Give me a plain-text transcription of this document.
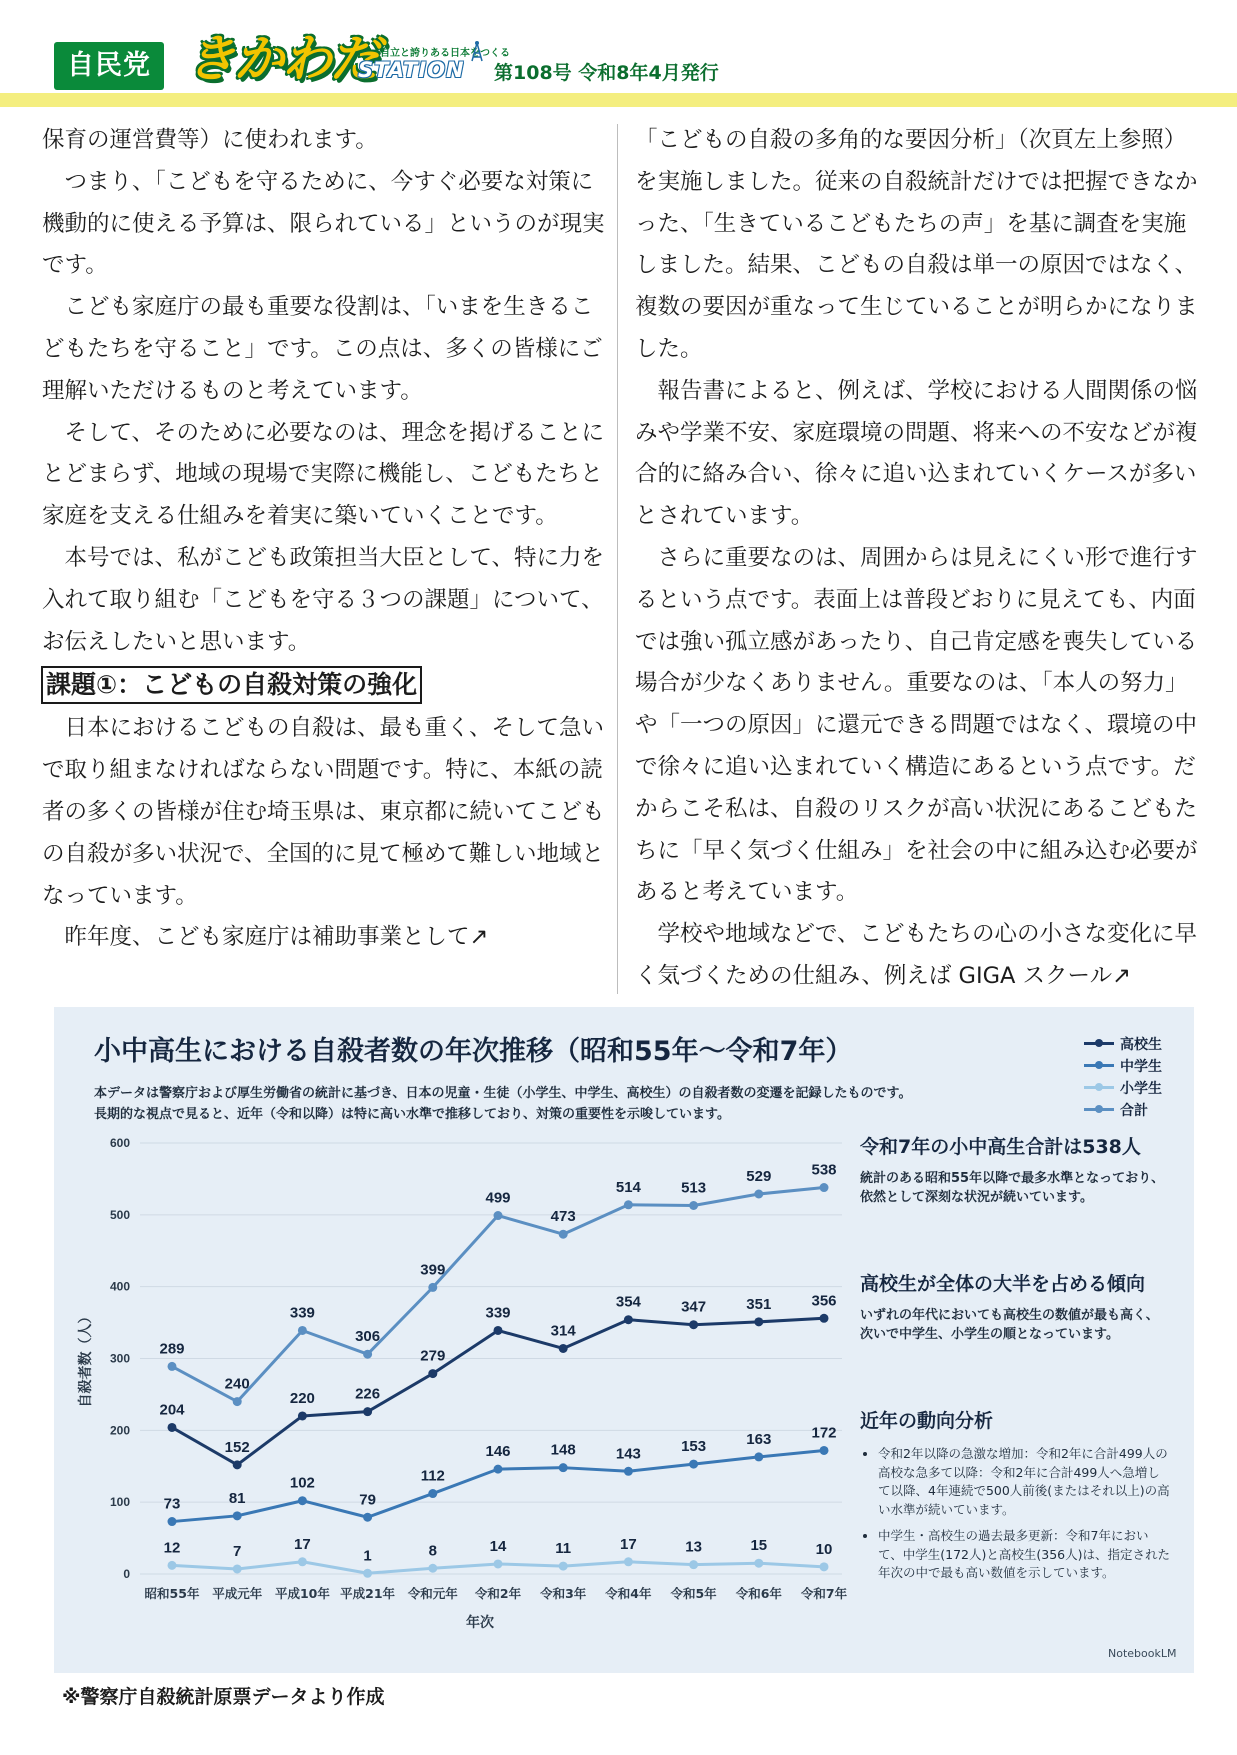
自民党 きかわだ 自立と誇りある日本をつくる
STATION 第108号 令和8年4月発行

保育の運営費等）に使われます。

　つまり、「こどもを守るために、今すぐ必要な対策に機動的に使える予算は、限られている」というのが現実です。

　こども家庭庁の最も重要な役割は、「いまを生きるこどもたちを守ること」です。この点は、多くの皆様にご理解いただけるものと考えています。

　そして、そのために必要なのは、理念を掲げることにとどまらず、地域の現場で実際に機能し、こどもたちと家庭を支える仕組みを着実に築いていくことです。

　本号では、私がこども政策担当大臣として、特に力を入れて取り組む「こどもを守る３つの課題」について、お伝えしたいと思います。

課題①：こどもの自殺対策の強化

　日本におけるこどもの自殺は、最も重く、そして急いで取り組まなければならない問題です。特に、本紙の読者の多くの皆様が住む埼玉県は、東京都に続いてこどもの自殺が多い状況で、全国的に見て極めて難しい地域となっています。

　昨年度、こども家庭庁は補助事業として↗

「こどもの自殺の多角的な要因分析」（次頁左上参照）を実施しました。従来の自殺統計だけでは把握できなかった、「生きているこどもたちの声」を基に調査を実施しました。結果、こどもの自殺は単一の原因ではなく、複数の要因が重なって生じていることが明らかになりました。

　報告書によると、例えば、学校における人間関係の悩みや学業不安、家庭環境の問題、将来への不安などが複合的に絡み合い、徐々に追い込まれていくケースが多いとされています。

　さらに重要なのは、周囲からは見えにくい形で進行するという点です。表面上は普段どおりに見えても、内面では強い孤立感があったり、自己肯定感を喪失している場合が少なくありません。重要なのは、「本人の努力」や「一つの原因」に還元できる問題ではなく、環境の中で徐々に追い込まれていく構造にあるという点です。だからこそ私は、自殺のリスクが高い状況にあるこどもたちに「早く気づく仕組み」を社会の中に組み込む必要があると考えています。

　学校や地域などで、こどもたちの心の小さな変化に早く気づくための仕組み、例えば GIGA スクール↗

小中高生における自殺者数の年次推移（昭和55年～令和7年）
本データは警察庁および厚生労働省の統計に基づき、日本の児童・生徒（小学生、中学生、高校生）の自殺者数の変遷を記録したものです。
長期的な視点で見ると、近年（令和以降）は特に高い水準で推移しており、対策の重要性を示唆しています。
高校生
中学生
小学生
合計
0
100
200
300
400
500
600
昭和55年 平成元年 平成10年 平成21年 令和元年 令和2年 令和3年 令和4年 令和5年 令和6年 令和7年
年次
自殺者数（人）
204
152
220	226
279
339
314
354	347	351	356
73	81
102
79
112
146	148	143	153	163	172
12	7	17
1	8	14	11	17	13	15	10
289
240
339
306
399
499
473
514	513
529	538
令和7年の小中高生合計は538人
統計のある昭和55年以降で最多水準となっており、依然として深刻な状況が続いています。
高校生が全体の大半を占める傾向
いずれの年代においても高校生の数値が最も高く、次いで中学生、小学生の順となっています。
近年の動向分析
• 令和2年以降の急激な増加：令和2年に合計499人の高校な急多て以降：令和2年に合計499人へ急増して以降、4年連続で500人前後(またはそれ以上)の高い水準が続いています。
• 中学生・高校生の過去最多更新：令和7年において、中学生(172人)と高校生(356人)は、指定された年次の中で最も高い数値を示しています。
NotebookLM
※警察庁自殺統計原票データより作成
